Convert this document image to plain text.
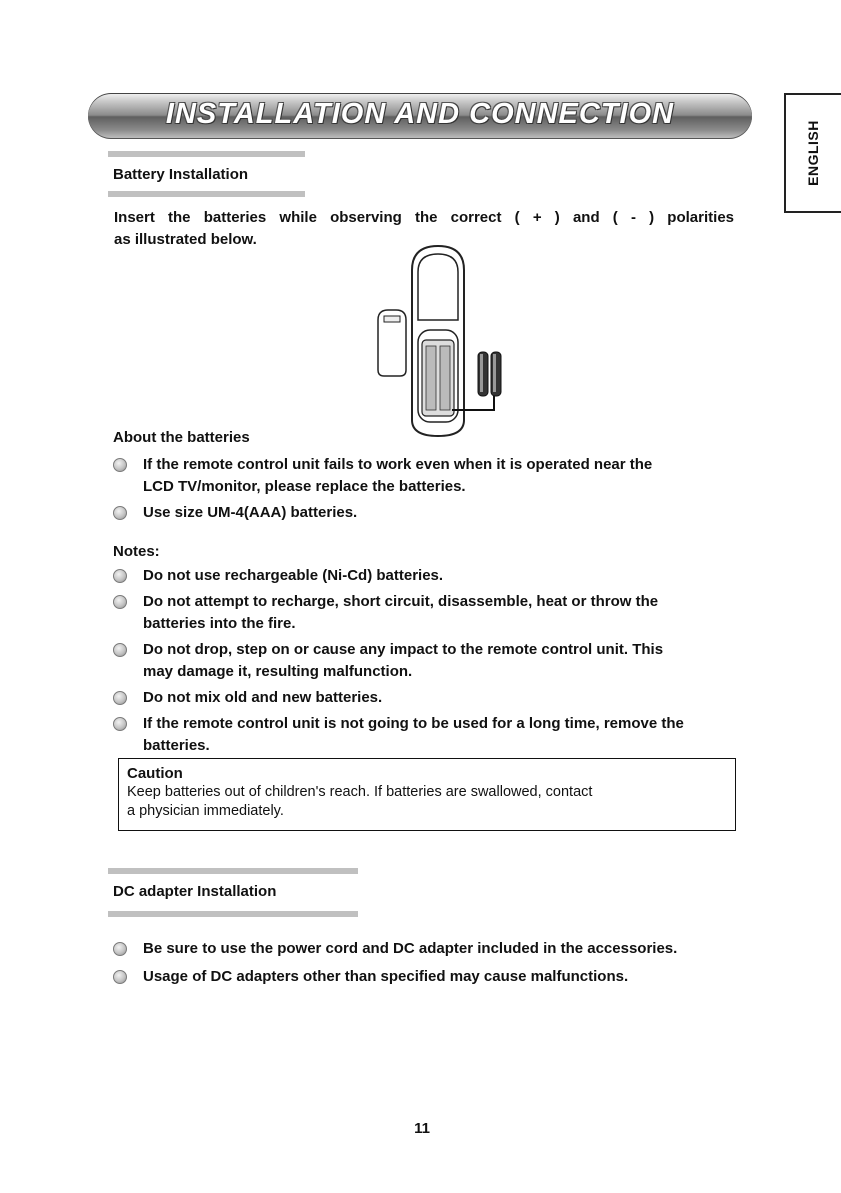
INSTALLATION AND CONNECTION
ENGLISH
Battery Installation
Insert the batteries while observing the correct ( + ) and ( - ) polarities
as illustrated below.
About the batteries
If the remote control unit fails to work even when it is operated near the
LCD TV/monitor, please replace the batteries.
Use size UM-4(AAA) batteries.
Notes:
Do not use rechargeable (Ni-Cd) batteries.
Do not attempt to recharge, short circuit, disassemble, heat or throw the
batteries into the fire.
Do not drop, step on or cause any impact to the remote control unit. This
may damage it, resulting malfunction.
Do not mix old and new batteries.
If the remote control unit is not going to be used for a long time, remove the
batteries.
Caution
Keep batteries out of children's reach. If batteries are swallowed, contact
a physician immediately.
DC adapter Installation
Be sure to use the power cord and DC adapter included in the accessories.
Usage of DC adapters other than specified may cause malfunctions.
11
